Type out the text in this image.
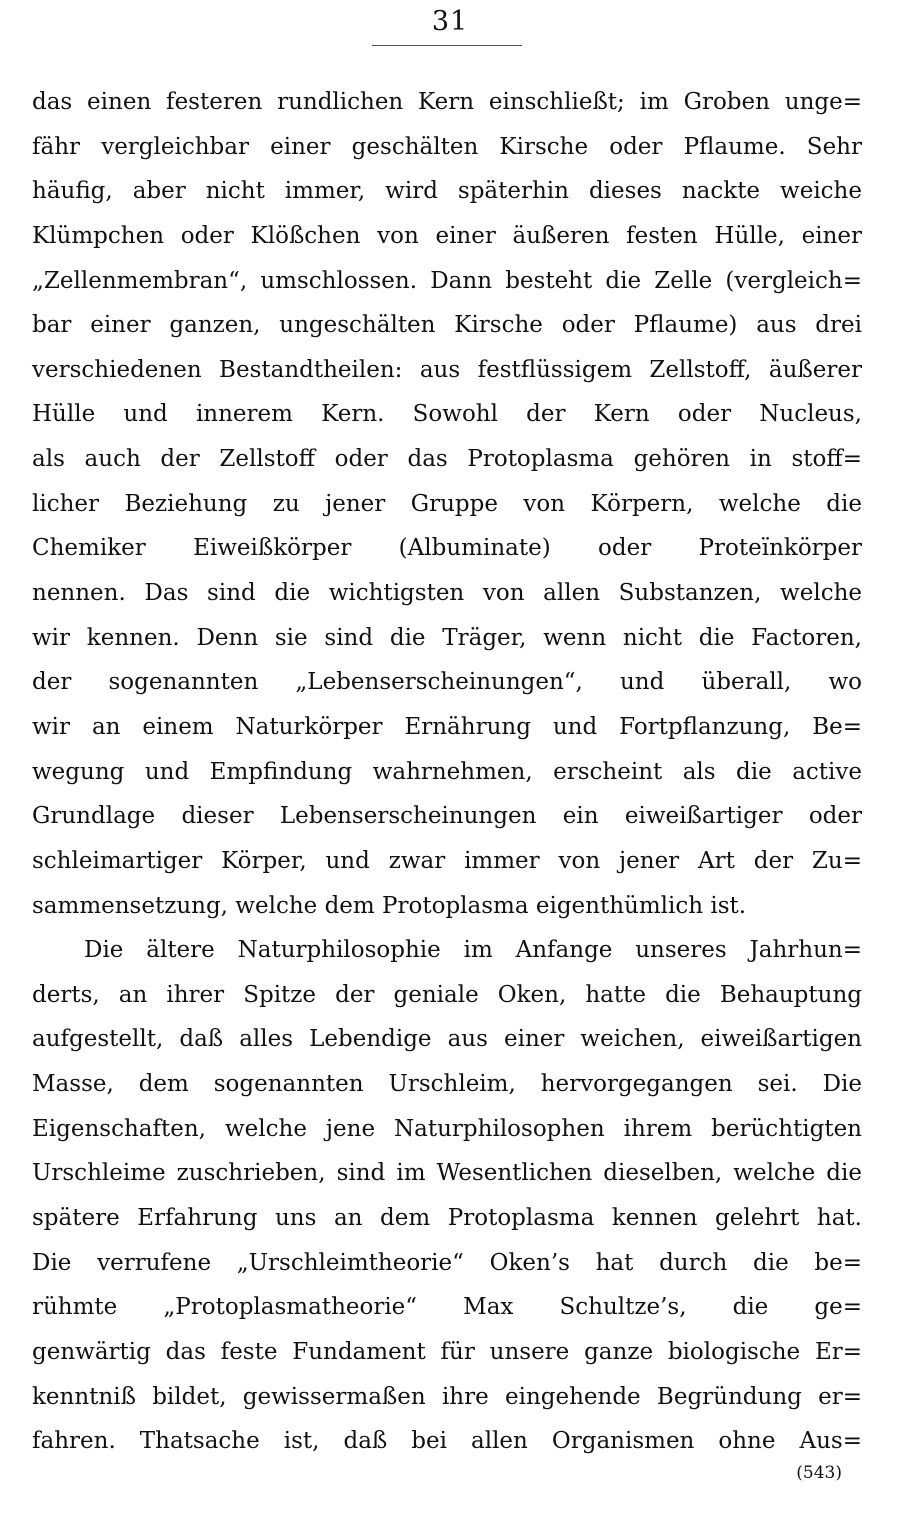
31
das einen festeren rundlichen Kern einschließt; im Groben unge=
fähr vergleichbar einer geschälten Kirsche oder Pflaume. Sehr
häufig, aber nicht immer, wird späterhin dieses nackte weiche
Klümpchen oder Klößchen von einer äußeren festen Hülle, einer
„Zellenmembran“, umschlossen. Dann besteht die Zelle (vergleich=
bar einer ganzen, ungeschälten Kirsche oder Pflaume) aus drei
verschiedenen Bestandtheilen: aus festflüssigem Zellstoff, äußerer
Hülle und innerem Kern. Sowohl der Kern oder Nucleus,
als auch der Zellstoff oder das Protoplasma gehören in stoff=
licher Beziehung zu jener Gruppe von Körpern, welche die
Chemiker Eiweißkörper (Albuminate) oder Proteïnkörper
nennen. Das sind die wichtigsten von allen Substanzen, welche
wir kennen. Denn sie sind die Träger, wenn nicht die Factoren,
der sogenannten „Lebenserscheinungen“, und überall, wo
wir an einem Naturkörper Ernährung und Fortpflanzung, Be=
wegung und Empfindung wahrnehmen, erscheint als die active
Grundlage dieser Lebenserscheinungen ein eiweißartiger oder
schleimartiger Körper, und zwar immer von jener Art der Zu=
sammensetzung, welche dem Protoplasma eigenthümlich ist.
Die ältere Naturphilosophie im Anfange unseres Jahrhun=
derts, an ihrer Spitze der geniale Oken, hatte die Behauptung
aufgestellt, daß alles Lebendige aus einer weichen, eiweißartigen
Masse, dem sogenannten Urschleim, hervorgegangen sei. Die
Eigenschaften, welche jene Naturphilosophen ihrem berüchtigten
Urschleime zuschrieben, sind im Wesentlichen dieselben, welche die
spätere Erfahrung uns an dem Protoplasma kennen gelehrt hat.
Die verrufene „Urschleimtheorie“ Oken’s hat durch die be=
rühmte „Protoplasmatheorie“ Max Schultze’s, die ge=
genwärtig das feste Fundament für unsere ganze biologische Er=
kenntniß bildet, gewissermaßen ihre eingehende Begründung er=
fahren. Thatsache ist, daß bei allen Organismen ohne Aus=
(543)
